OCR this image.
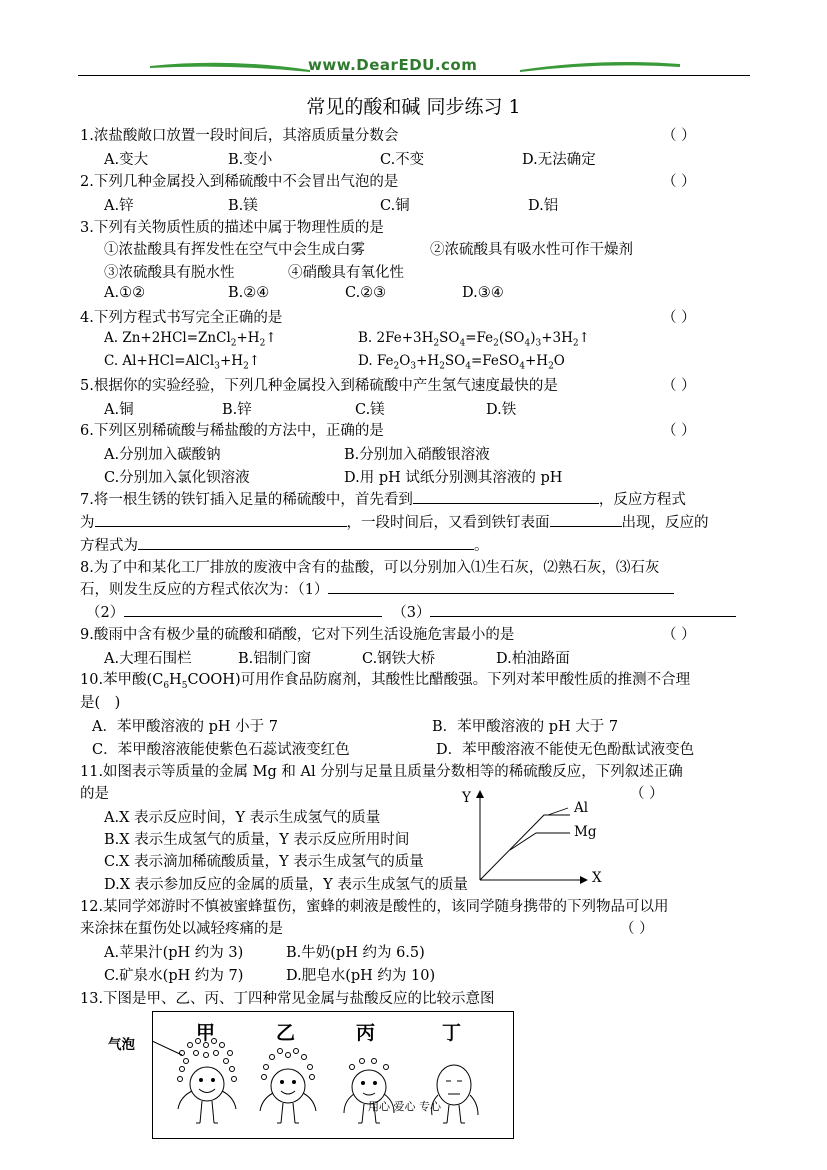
www.DearEDU.com
常见的酸和碱 同步练习 1
1.浓盐酸敞口放置一段时间后，其溶质质量分数会	（ ）
A.变大	B.变小	C.不变	D.无法确定
2.下列几种金属投入到稀硫酸中不会冒出气泡的是	（ ）
A.锌	B.镁	C.铜	D.铝
3.下列有关物质性质的描述中属于物理性质的是
①浓盐酸具有挥发性在空气中会生成白雾	②浓硫酸具有吸水性可作干燥剂
③浓硫酸具有脱水性	④硝酸具有氧化性
A.①②	B.②④	C.②③	D.③④
4.下列方程式书写完全正确的是	（ ）
A. $Zn+2HCl=ZnCl_2+H_2↑$	B. $2Fe+3H_2SO_4=Fe_2(SO_4)_3+3H_2↑$
C. $Al+HCl=AlCl_3+H_2↑$	D. $Fe_2O_3+H_2SO_4=FeSO_4+H_2O$
5.根据你的实验经验，下列几种金属投入到稀硫酸中产生氢气速度最快的是	（ ）
A.铜	B.锌	C.镁	D.铁
6.下列区别稀硫酸与稀盐酸的方法中，正确的是	（ ）
A.分别加入碳酸钠	B.分别加入硝酸银溶液
C.分别加入氯化钡溶液	D.用 pH 试纸分别测其溶液的 pH
7.将一根生锈的铁钉插入足量的稀硫酸中，首先看到	，反应方程式
为	，一段时间后，又看到铁钉表面	出现，反应的
方程式为	。
8.为了中和某化工厂排放的废液中含有的盐酸，可以分别加入⑴生石灰，⑵熟石灰，⑶石灰
石，则发生反应的方程式依次为：（1）
（2）	（3）
9.酸雨中含有极少量的硫酸和硝酸，它对下列生活设施危害最小的是	（ ）
A.大理石围栏	B.铝制门窗	C.钢铁大桥	D.柏油路面
10.苯甲酸$(C_6H_5COOH)$可用作食品防腐剂，其酸性比醋酸强。下列对苯甲酸性质的推测不合理
是(　)
A．苯甲酸溶液的 pH 小于 7	B．苯甲酸溶液的 pH 大于 7
C．苯甲酸溶液能使紫色石蕊试液变红色	D．苯甲酸溶液不能使无色酚酞试液变色
11.如图表示等质量的金属 Mg 和 Al 分别与足量且质量分数相等的稀硫酸反应，下列叙述正确
的是	（ ）
A.X 表示反应时间，Y 表示生成氢气的质量
B.X 表示生成氢气的质量，Y 表示反应所用时间
C.X 表示滴加稀硫酸质量，Y 表示生成氢气的质量
D.X 表示参加反应的金属的质量，Y 表示生成氢气的质量
Y
X
Al
Mg
12.某同学郊游时不慎被蜜蜂蜇伤，蜜蜂的刺液是酸性的，该同学随身携带的下列物品可以用
来涂抹在蜇伤处以减轻疼痛的是	（ ）
A.苹果汁(pH 约为 3)	B.牛奶(pH 约为 6.5)
C.矿泉水(pH 约为 7)	D.肥皂水(pH 约为 10)
13.下图是甲、乙、丙、丁四种常见金属与盐酸反应的比较示意图
气泡
甲	乙	丙	丁
用心 爱心 专心
